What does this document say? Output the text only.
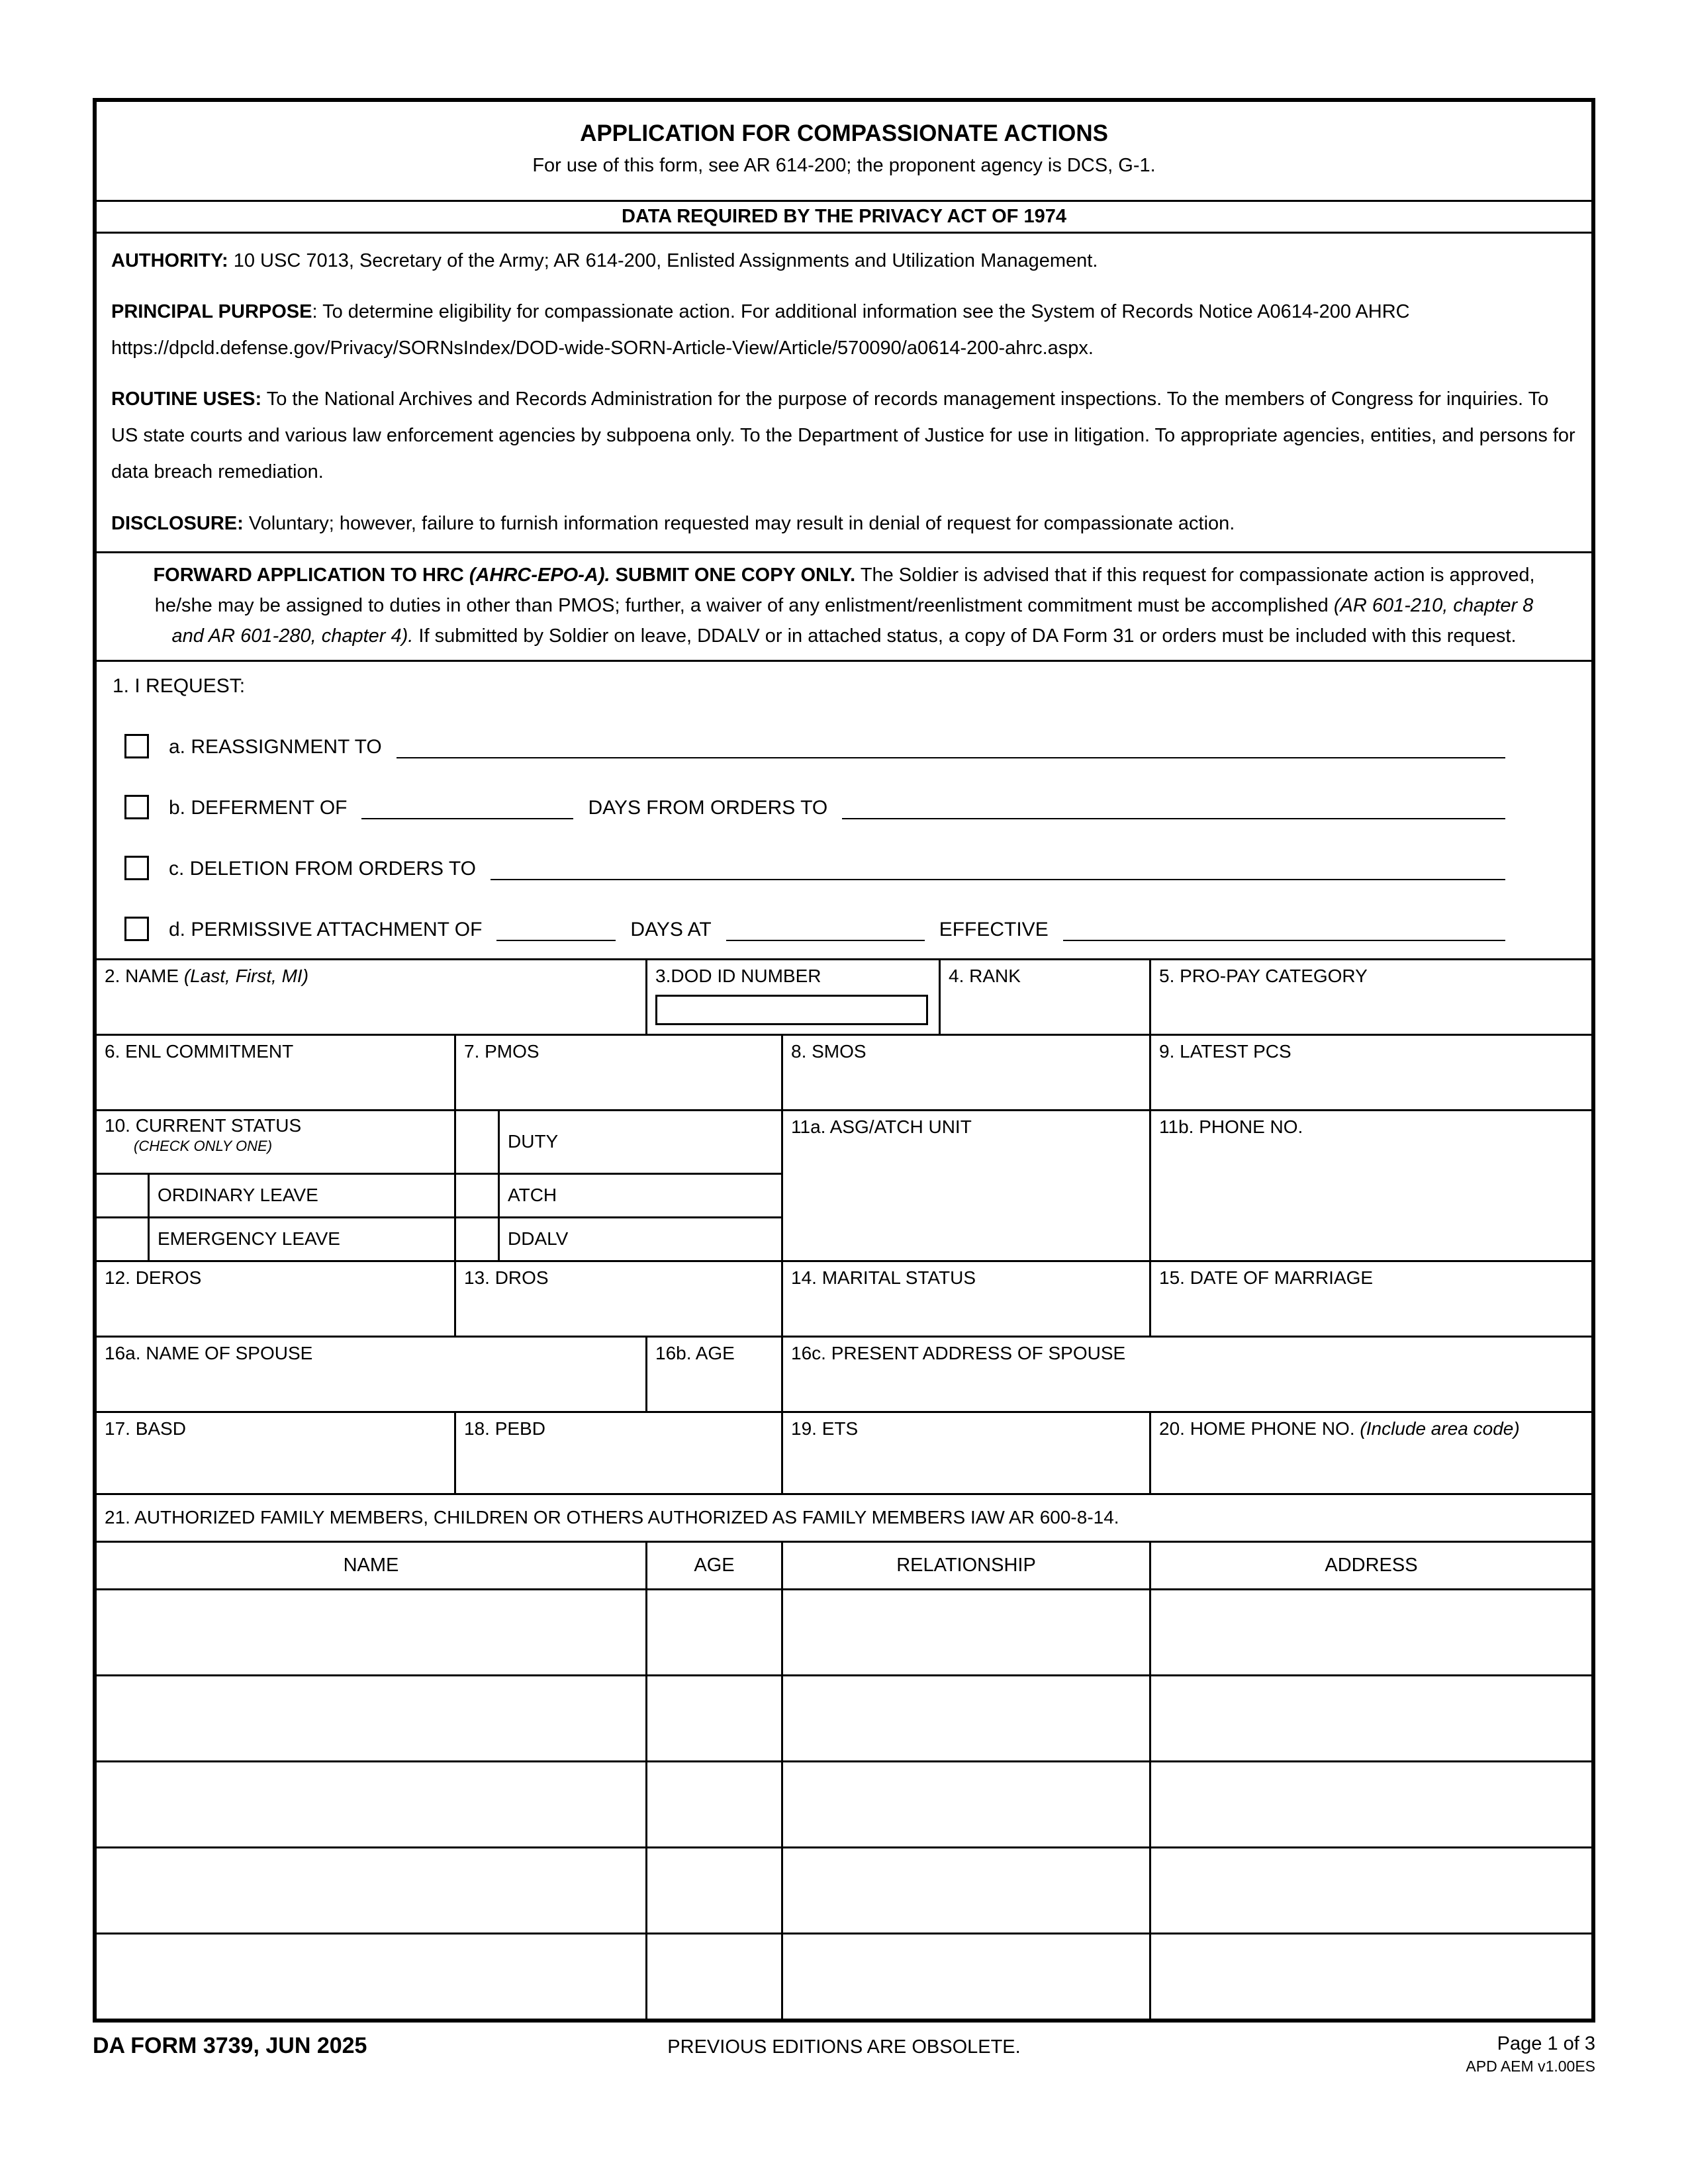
APPLICATION FOR COMPASSIONATE ACTIONS
For use of this form, see AR 614-200; the proponent agency is DCS, G-1.
DATA REQUIRED BY THE PRIVACY ACT OF 1974

AUTHORITY: 10 USC 7013, Secretary of the Army; AR 614-200, Enlisted Assignments and Utilization Management.

PRINCIPAL PURPOSE: To determine eligibility for compassionate action. For additional information see the System of Records Notice A0614-200 AHRC https://dpcld.defense.gov/Privacy/SORNsIndex/DOD-wide-SORN-Article-View/Article/570090/a0614-200-ahrc.aspx.

ROUTINE USES: To the National Archives and Records Administration for the purpose of records management inspections. To the members of Congress for inquiries. To US state courts and various law enforcement agencies by subpoena only. To the Department of Justice for use in litigation. To appropriate agencies, entities, and persons for data breach remediation.

DISCLOSURE: Voluntary; however, failure to furnish information requested may result in denial of request for compassionate action.

FORWARD APPLICATION TO HRC (AHRC-EPO-A). SUBMIT ONE COPY ONLY. The Soldier is advised that if this request for compassionate action is approved, he/she may be assigned to duties in other than PMOS; further, a waiver of any enlistment/reenlistment commitment must be accomplished (AR 601-210, chapter 8 and AR 601-280, chapter 4). If submitted by Soldier on leave, DDALV or in attached status, a copy of DA Form 31 or orders must be included with this request.
1. I REQUEST:
a. REASSIGNMENT TO
b. DEFERMENT OF	DAYS FROM ORDERS TO
c. DELETION FROM ORDERS TO
d. PERMISSIVE ATTACHMENT OF	DAYS AT	EFFECTIVE
2. NAME (Last, First, MI)	3.DOD ID NUMBER	4. RANK	5. PRO-PAY CATEGORY
6. ENL COMMITMENT	7. PMOS	8. SMOS	9. LATEST PCS
10. CURRENT STATUS
(CHECK ONLY ONE)	DUTY
ORDINARY LEAVE	ATCH
EMERGENCY LEAVE	DDALV
11a. ASG/ATCH UNIT	11b. PHONE NO.
12. DEROS	13. DROS	14. MARITAL STATUS	15. DATE OF MARRIAGE
16a. NAME OF SPOUSE	16b. AGE	16c. PRESENT ADDRESS OF SPOUSE
17. BASD	18. PEBD	19. ETS	20. HOME PHONE NO. (Include area code)
21. AUTHORIZED FAMILY MEMBERS, CHILDREN OR OTHERS AUTHORIZED AS FAMILY MEMBERS IAW AR 600-8-14.
NAME	AGE	RELATIONSHIP	ADDRESS
DA FORM 3739, JUN 2025	PREVIOUS EDITIONS ARE OBSOLETE.	Page 1 of 3
APD AEM v1.00ES
